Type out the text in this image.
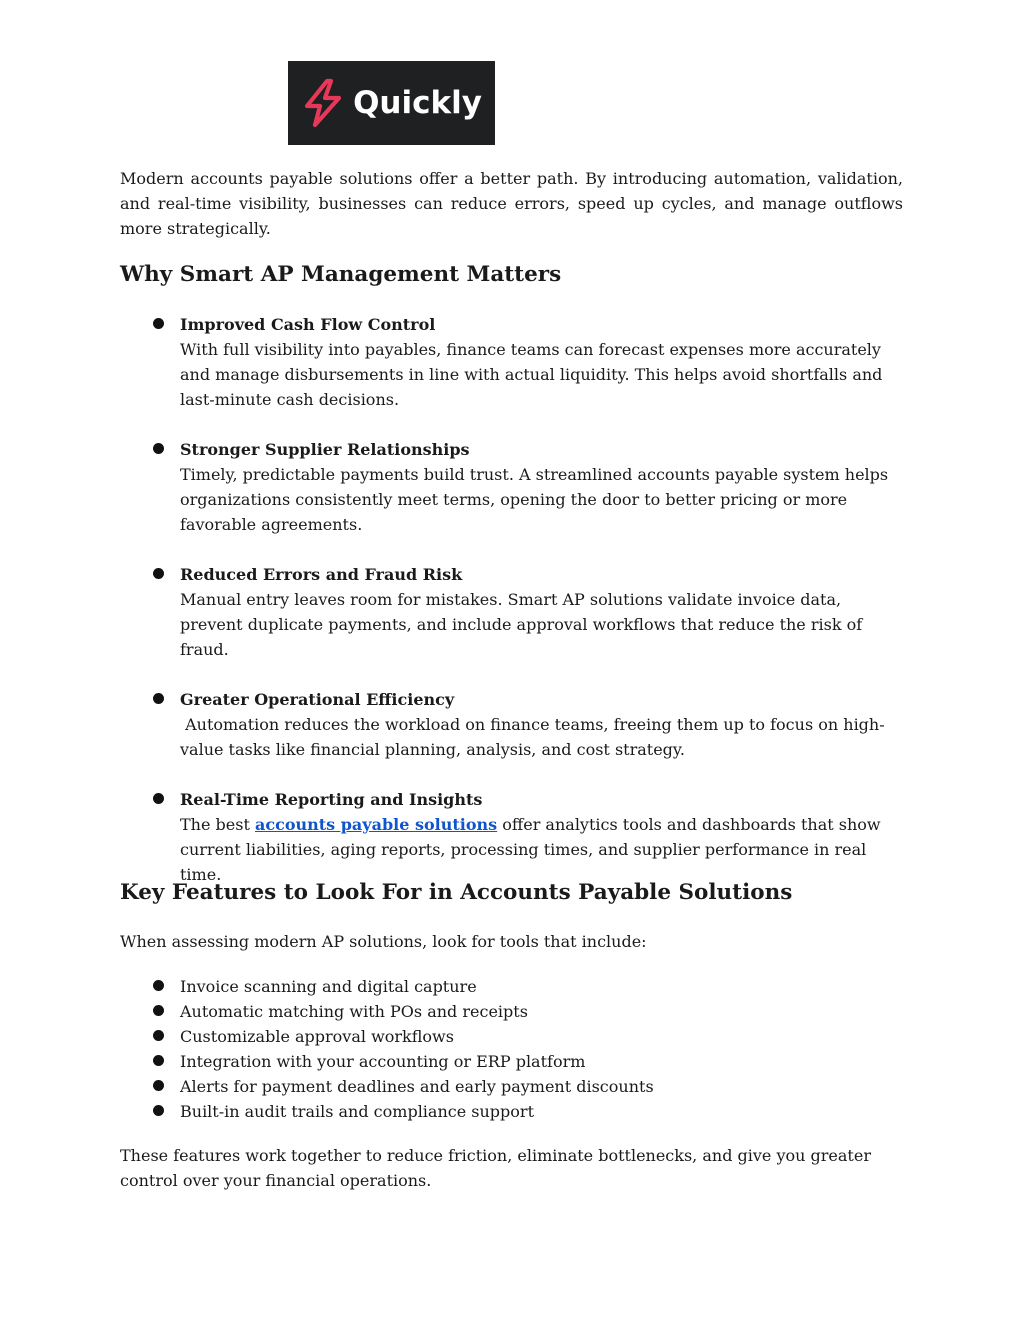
Quickly

Modern accounts payable solutions offer a better path. By introducing automation, validation, and real-time visibility, businesses can reduce errors, speed up cycles, and manage outflows more strategically.

Why Smart AP Management Matters
Improved Cash Flow Control
With full visibility into payables, finance teams can forecast expenses more accurately and manage disbursements in line with actual liquidity. This helps avoid shortfalls and last-minute cash decisions.
Stronger Supplier Relationships
Timely, predictable payments build trust. A streamlined accounts payable system helps organizations consistently meet terms, opening the door to better pricing or more favorable agreements.
Reduced Errors and Fraud Risk
Manual entry leaves room for mistakes. Smart AP solutions validate invoice data, prevent duplicate payments, and include approval workflows that reduce the risk of fraud.
Greater Operational Efficiency
Automation reduces the workload on finance teams, freeing them up to focus on high-value tasks like financial planning, analysis, and cost strategy.
Real-Time Reporting and Insights
The best accounts payable solutions offer analytics tools and dashboards that show current liabilities, aging reports, processing times, and supplier performance in real time.
Key Features to Look For in Accounts Payable Solutions

When assessing modern AP solutions, look for tools that include:

Invoice scanning and digital capture
Automatic matching with POs and receipts
Customizable approval workflows
Integration with your accounting or ERP platform
Alerts for payment deadlines and early payment discounts
Built-in audit trails and compliance support

These features work together to reduce friction, eliminate bottlenecks, and give you greater control over your financial operations.
